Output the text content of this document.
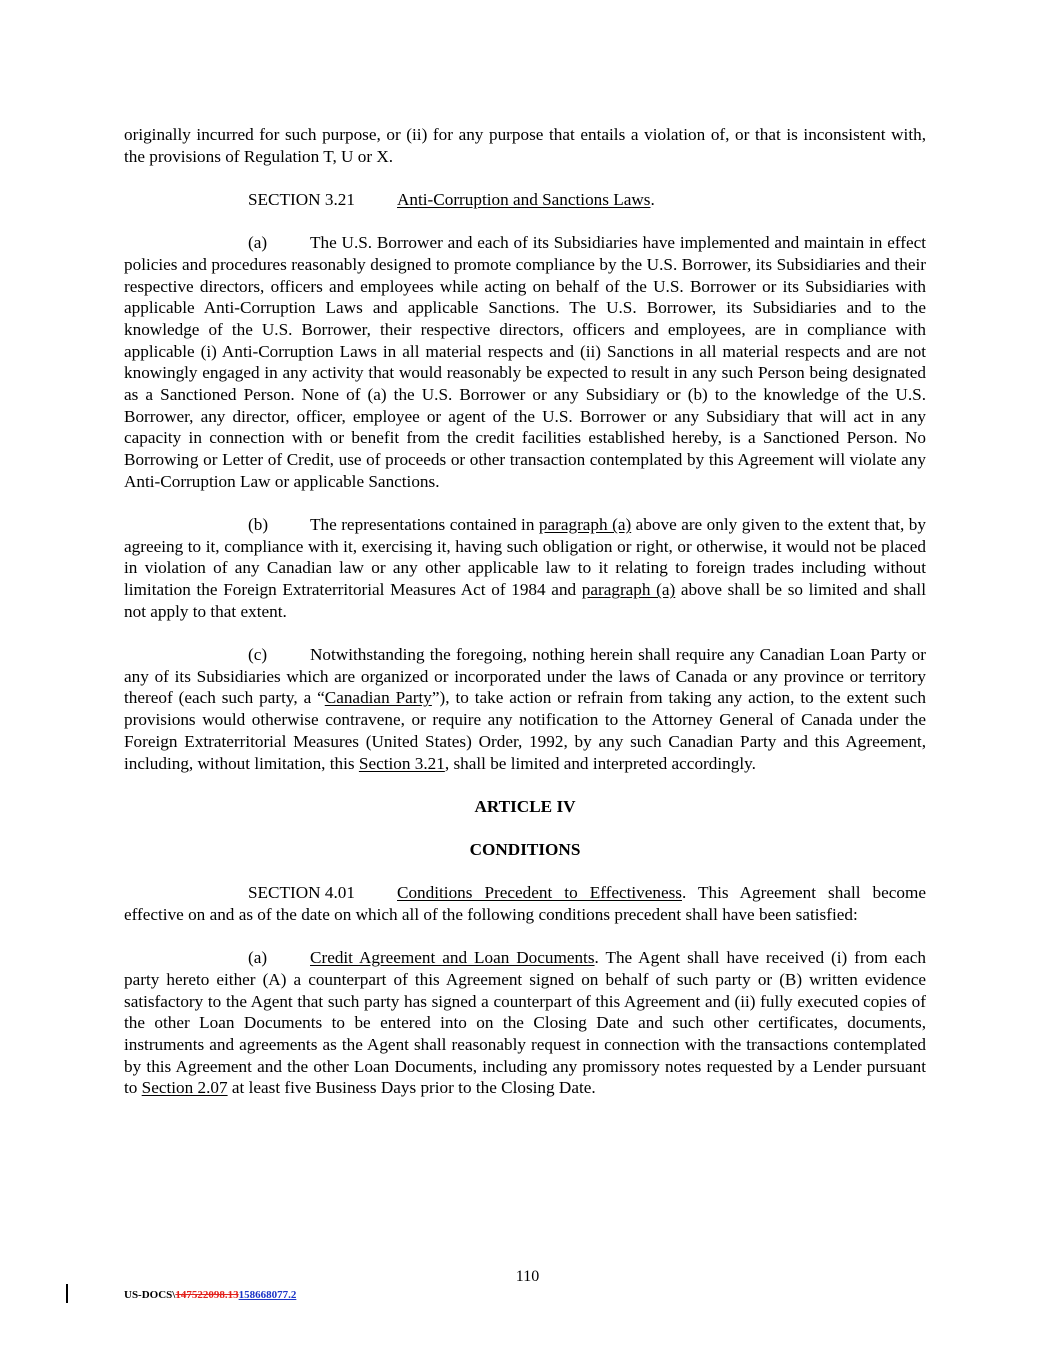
originally incurred for such purpose, or (ii) for any purpose that entails a violation of, or that is inconsistent with, the provisions of Regulation T, U or X.

SECTION 3.21 Anti-Corruption and Sanctions Laws.

(a) The U.S. Borrower and each of its Subsidiaries have implemented and maintain in effect policies and procedures reasonably designed to promote compliance by the U.S. Borrower, its Subsidiaries and their respective directors, officers and employees while acting on behalf of the U.S. Borrower or its Subsidiaries with applicable Anti-Corruption Laws and applicable Sanctions. The U.S. Borrower, its Subsidiaries and to the knowledge of the U.S. Borrower, their respective directors, officers and employees, are in compliance with applicable (i) Anti-Corruption Laws in all material respects and (ii) Sanctions in all material respects and are not knowingly engaged in any activity that would reasonably be expected to result in any such Person being designated as a Sanctioned Person. None of (a) the U.S. Borrower or any Subsidiary or (b) to the knowledge of the U.S. Borrower, any director, officer, employee or agent of the U.S. Borrower or any Subsidiary that will act in any capacity in connection with or benefit from the credit facilities established hereby, is a Sanctioned Person. No Borrowing or Letter of Credit, use of proceeds or other transaction contemplated by this Agreement will violate any Anti-Corruption Law or applicable Sanctions.

(b) The representations contained in paragraph (a) above are only given to the extent that, by agreeing to it, compliance with it, exercising it, having such obligation or right, or otherwise, it would not be placed in violation of any Canadian law or any other applicable law to it relating to foreign trades including without limitation the Foreign Extraterritorial Measures Act of 1984 and paragraph (a) above shall be so limited and shall not apply to that extent.

(c) Notwithstanding the foregoing, nothing herein shall require any Canadian Loan Party or any of its Subsidiaries which are organized or incorporated under the laws of Canada or any province or territory thereof (each such party, a “Canadian Party”), to take action or refrain from taking any action, to the extent such provisions would otherwise contravene, or require any notification to the Attorney General of Canada under the Foreign Extraterritorial Measures (United States) Order, 1992, by any such Canadian Party and this Agreement, including, without limitation, this Section 3.21, shall be limited and interpreted accordingly.

ARTICLE IV

CONDITIONS

SECTION 4.01 Conditions Precedent to Effectiveness. This Agreement shall become effective on and as of the date on which all of the following conditions precedent shall have been satisfied:

(a) Credit Agreement and Loan Documents. The Agent shall have received (i) from each party hereto either (A) a counterpart of this Agreement signed on behalf of such party or (B) written evidence satisfactory to the Agent that such party has signed a counterpart of this Agreement and (ii) fully executed copies of the other Loan Documents to be entered into on the Closing Date and such other certificates, documents, instruments and agreements as the Agent shall reasonably request in connection with the transactions contemplated by this Agreement and the other Loan Documents, including any promissory notes requested by a Lender pursuant to Section 2.07 at least five Business Days prior to the Closing Date.

110
US-DOCS\147522098.13158668077.2
